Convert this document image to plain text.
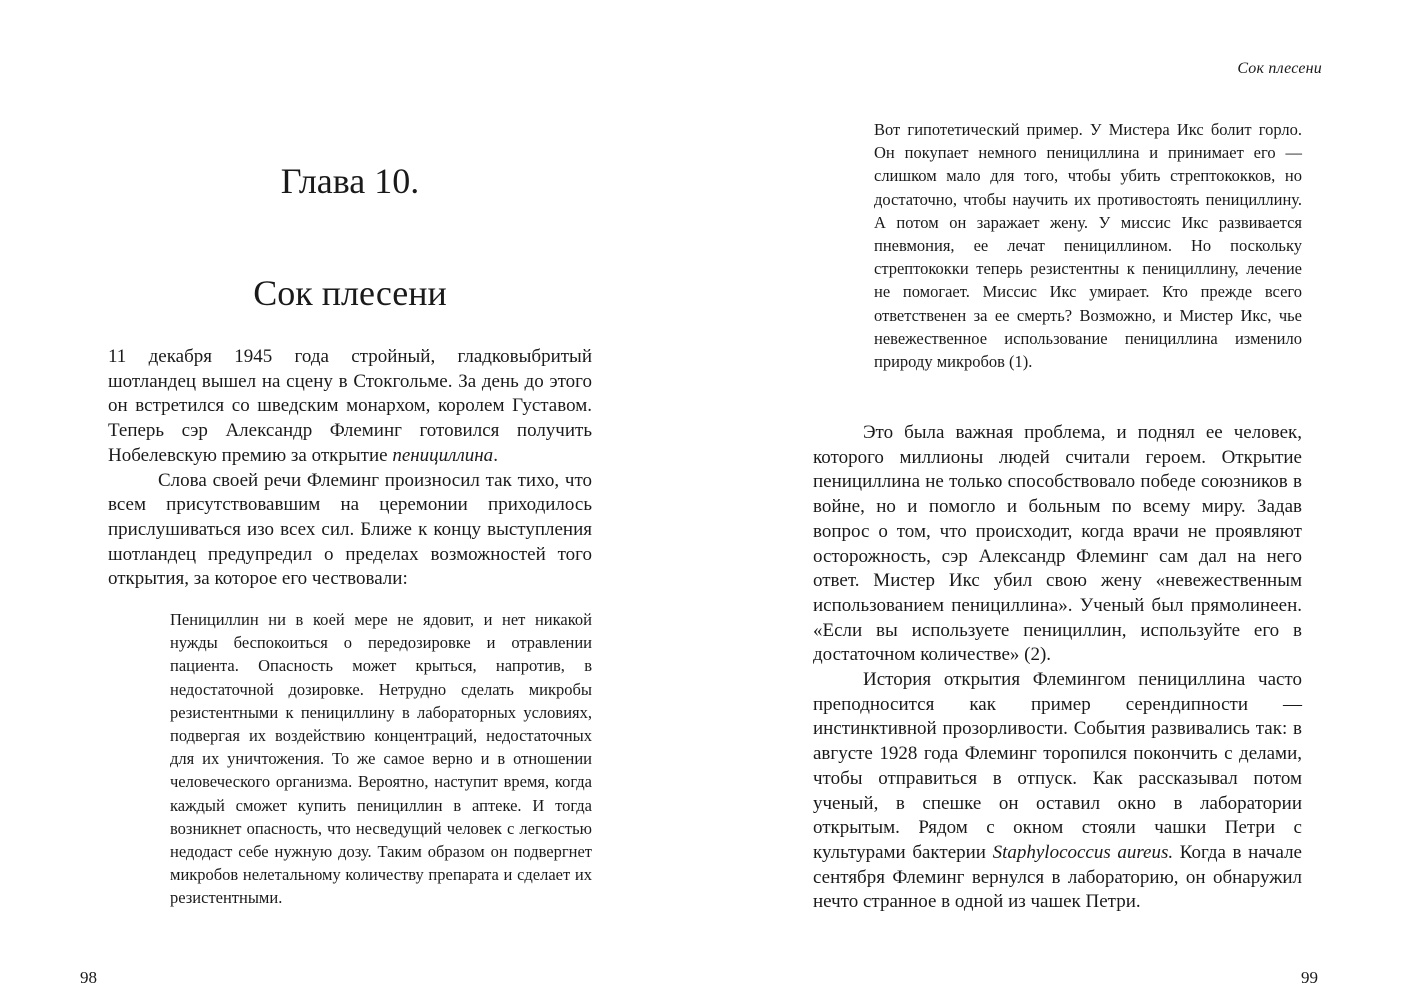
Глава 10.
Сок плесени

11 декабря 1945 года стройный, гладковыбритый шотландец вышел на сцену в Стокгольме. За день до этого он встретился со шведским монархом, королем Густавом. Теперь сэр Александр Флеминг готовился получить Нобелевскую премию за открытие пенициллина.

Слова своей речи Флеминг произносил так тихо, что всем присутствовавшим на церемонии приходилось прислушиваться изо всех сил. Ближе к концу выступления шотландец предупредил о пределах возможностей того открытия, за которое его чествовали:

Пенициллин ни в коей мере не ядовит, и нет никакой нужды беспокоиться о передозировке и отравлении пациента. Опасность может крыться, напротив, в недостаточной дозировке. Нетрудно сделать микробы резистентными к пенициллину в лабораторных условиях, подвергая их воздействию концентраций, недостаточных для их уничтожения. То же самое верно и в отношении человеческого организма. Вероятно, наступит время, когда каждый сможет купить пенициллин в аптеке. И тогда возникнет опасность, что несведущий человек с легкостью недодаст себе нужную дозу. Таким образом он подвергнет микробов нелетальному количеству препарата и сделает их резистентными.

98
Сок плесени

Вот гипотетический пример. У Мистера Икс болит горло. Он покупает немного пенициллина и принимает его — слишком мало для того, чтобы убить стрептококков, но достаточно, чтобы научить их противостоять пенициллину. А потом он заражает жену. У миссис Икс развивается пневмония, ее лечат пенициллином. Но поскольку стрептококки теперь резистентны к пенициллину, лечение не помогает. Миссис Икс умирает. Кто прежде всего ответственен за ее смерть? Возможно, и Мистер Икс, чье невежественное использование пенициллина изменило природу микробов (1).

Это была важная проблема, и поднял ее человек, которого миллионы людей считали героем. Открытие пенициллина не только способствовало победе союзников в войне, но и помогло и больным по всему миру. Задав вопрос о том, что происходит, когда врачи не проявляют осторожность, сэр Александр Флеминг сам дал на него ответ. Мистер Икс убил свою жену «невежественным использованием пенициллина». Ученый был прямолинеен. «Если вы используете пенициллин, используйте его в достаточном количестве» (2).

История открытия Флемингом пенициллина часто преподносится как пример серендипности — инстинктивной прозорливости. События развивались так: в августе 1928 года Флеминг торопился покончить с делами, чтобы отправиться в отпуск. Как рассказывал потом ученый, в спешке он оставил окно в лаборатории открытым. Рядом с окном стояли чашки Петри с культурами бактерии Staphylococcus aureus. Когда в начале сентября Флеминг вернулся в лабораторию, он обнаружил нечто странное в одной из чашек Петри.

99
